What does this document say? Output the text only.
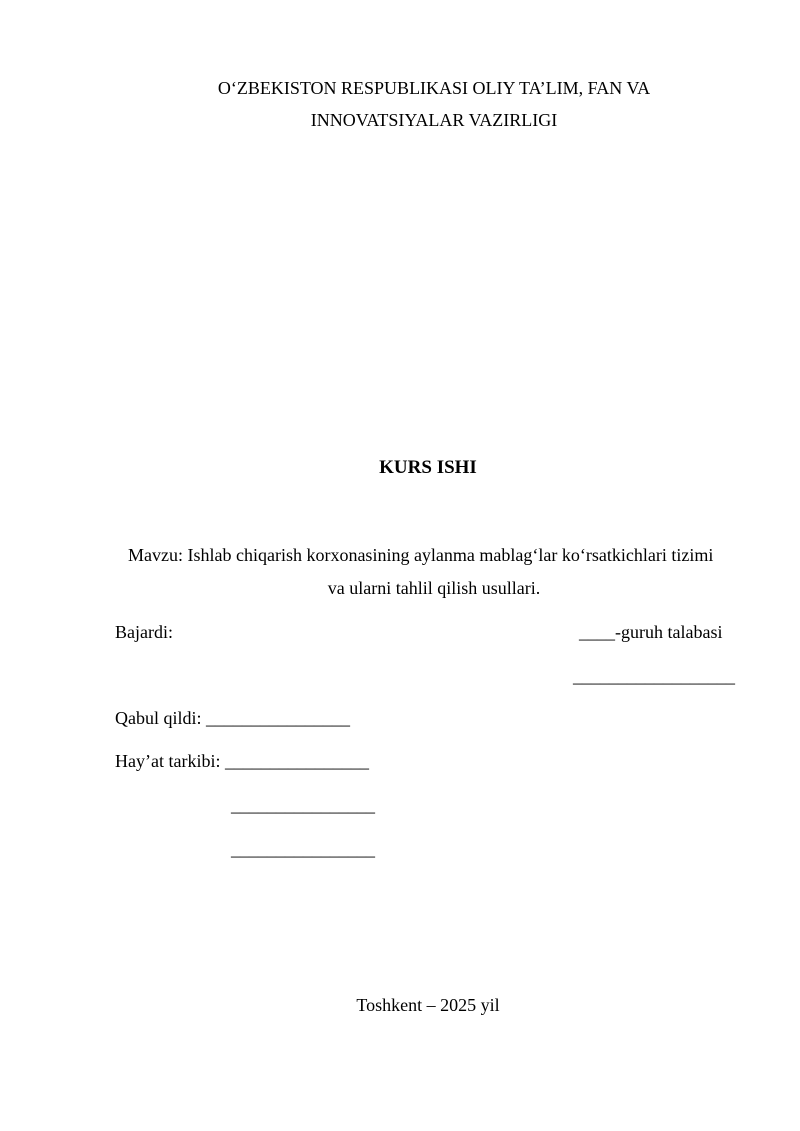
O‘ZBEKISTON RESPUBLIKASI OLIY TA’LIM, FAN VA
INNOVATSIYALAR VAZIRLIGI
KURS ISHI
Mavzu: Ishlab chiqarish korxonasining aylanma mablag‘lar ko‘rsatkichlari tizimi
va ularni tahlil qilish usullari.
Bajardi:	____-guruh talabasi
__________________
Qabul qildi: ________________
Hay’at tarkibi: ________________
________________
________________
Toshkent – 2025 yil
